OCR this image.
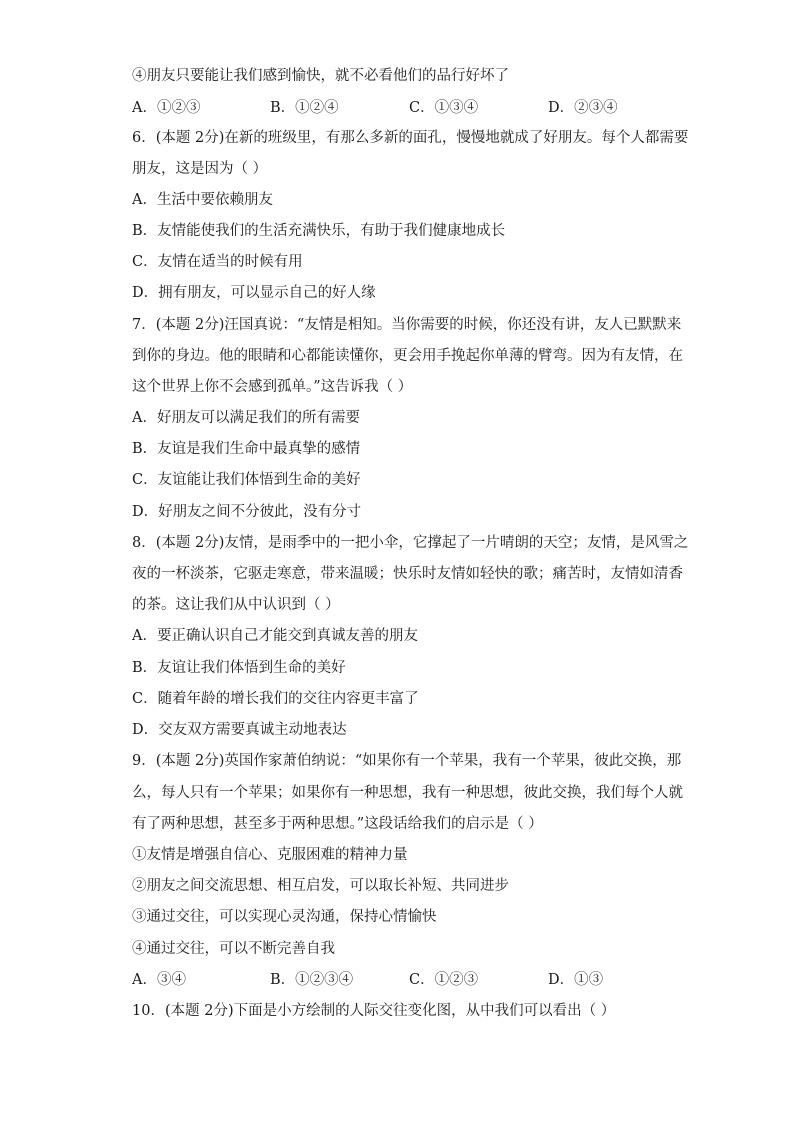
④朋友只要能让我们感到愉快，就不必看他们的品行好坏了
A．①②③	B．①②④	C．①③④	D．②③④
6．(本题 2分)在新的班级里，有那么多新的面孔，慢慢地就成了好朋友。每个人都需要
朋友，这是因为（ ）
A．生活中要依赖朋友
B．友情能使我们的生活充满快乐，有助于我们健康地成长
C．友情在适当的时候有用
D．拥有朋友，可以显示自己的好人缘
7．(本题 2分)汪国真说：“友情是相知。当你需要的时候，你还没有讲，友人已默默来
到你的身边。他的眼睛和心都能读懂你，更会用手挽起你单薄的臂弯。因为有友情，在
这个世界上你不会感到孤单。”这告诉我（ ）
A．好朋友可以满足我们的所有需要
B．友谊是我们生命中最真挚的感情
C．友谊能让我们体悟到生命的美好
D．好朋友之间不分彼此，没有分寸
8．(本题 2分)友情，是雨季中的一把小伞，它撑起了一片晴朗的天空；友情，是风雪之
夜的一杯淡茶，它驱走寒意，带来温暖；快乐时友情如轻快的歌；痛苦时，友情如清香
的茶。这让我们从中认识到（ ）
A．要正确认识自己才能交到真诚友善的朋友
B．友谊让我们体悟到生命的美好
C．随着年龄的增长我们的交往内容更丰富了
D．交友双方需要真诚主动地表达
9．(本题 2分)英国作家萧伯纳说：“如果你有一个苹果，我有一个苹果，彼此交换，那
么，每人只有一个苹果；如果你有一种思想，我有一种思想，彼此交换，我们每个人就
有了两种思想，甚至多于两种思想。”这段话给我们的启示是（ ）
①友情是增强自信心、克服困难的精神力量
②朋友之间交流思想、相互启发，可以取长补短、共同进步
③通过交往，可以实现心灵沟通，保持心情愉快
④通过交往，可以不断完善自我
A．③④	B．①②③④	C．①②③	D．①③
10．(本题 2分)下面是小方绘制的人际交往变化图，从中我们可以看出（ ）
